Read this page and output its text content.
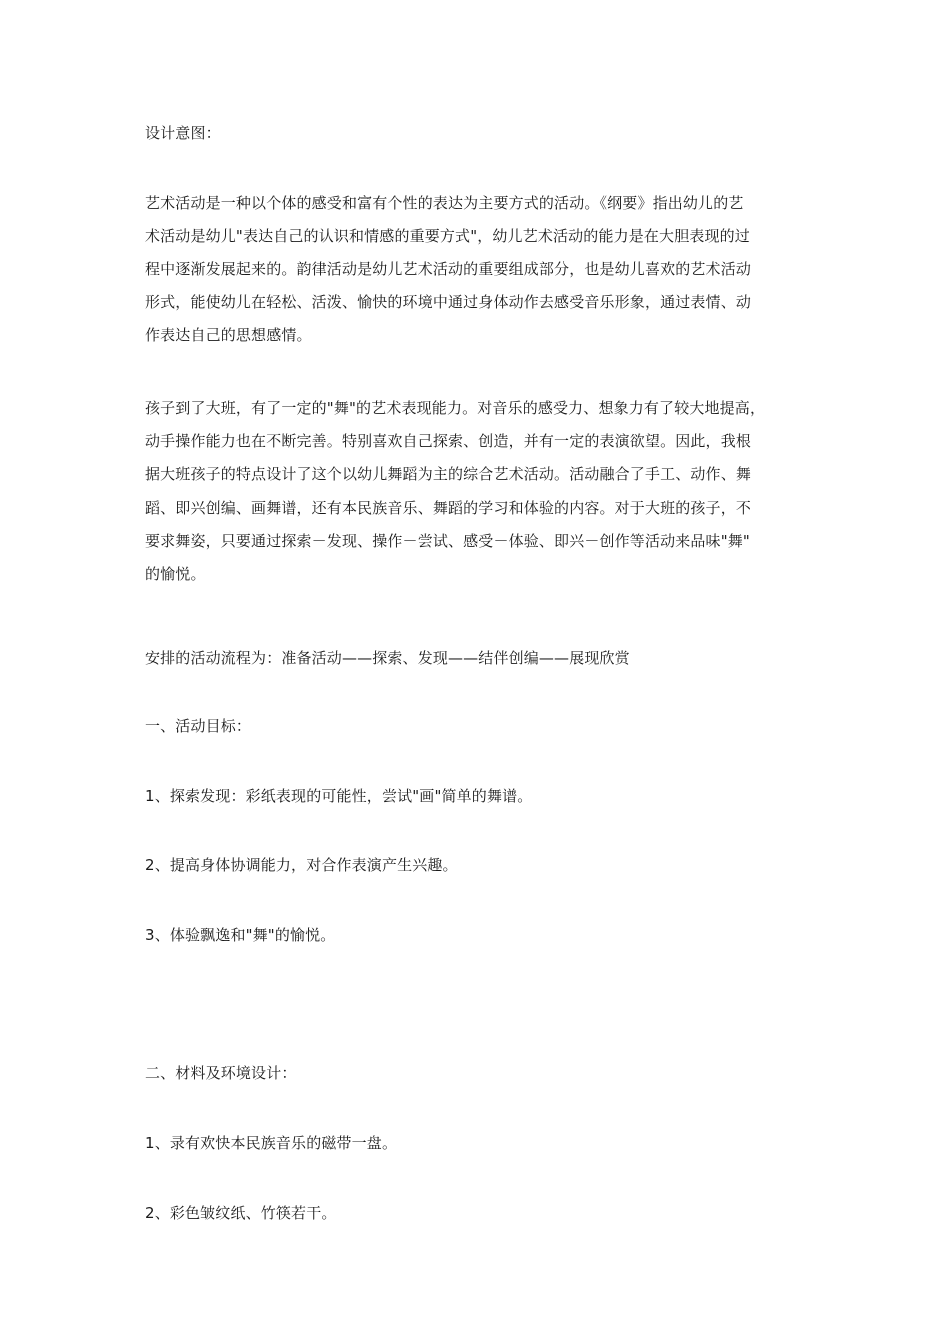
设计意图：
艺术活动是一种以个体的感受和富有个性的表达为主要方式的活动。《纲要》指出幼儿的艺
术活动是幼儿"表达自己的认识和情感的重要方式"，幼儿艺术活动的能力是在大胆表现的过
程中逐渐发展起来的。韵律活动是幼儿艺术活动的重要组成部分，也是幼儿喜欢的艺术活动
形式，能使幼儿在轻松、活泼、愉快的环境中通过身体动作去感受音乐形象，通过表情、动
作表达自己的思想感情。
孩子到了大班，有了一定的"舞"的艺术表现能力。对音乐的感受力、想象力有了较大地提高，
动手操作能力也在不断完善。特别喜欢自己探索、创造，并有一定的表演欲望。因此，我根
据大班孩子的特点设计了这个以幼儿舞蹈为主的综合艺术活动。活动融合了手工、动作、舞
蹈、即兴创编、画舞谱，还有本民族音乐、舞蹈的学习和体验的内容。对于大班的孩子，不
要求舞姿，只要通过探索－发现、操作－尝试、感受－体验、即兴－创作等活动来品味"舞"
的愉悦。
安排的活动流程为：准备活动——探索、发现——结伴创编——展现欣赏
一、活动目标：
1、探索发现：彩纸表现的可能性，尝试"画"简单的舞谱。
2、提高身体协调能力，对合作表演产生兴趣。
3、体验飘逸和"舞"的愉悦。
二、材料及环境设计：
1、录有欢快本民族音乐的磁带一盘。
2、彩色皱纹纸、竹筷若干。
